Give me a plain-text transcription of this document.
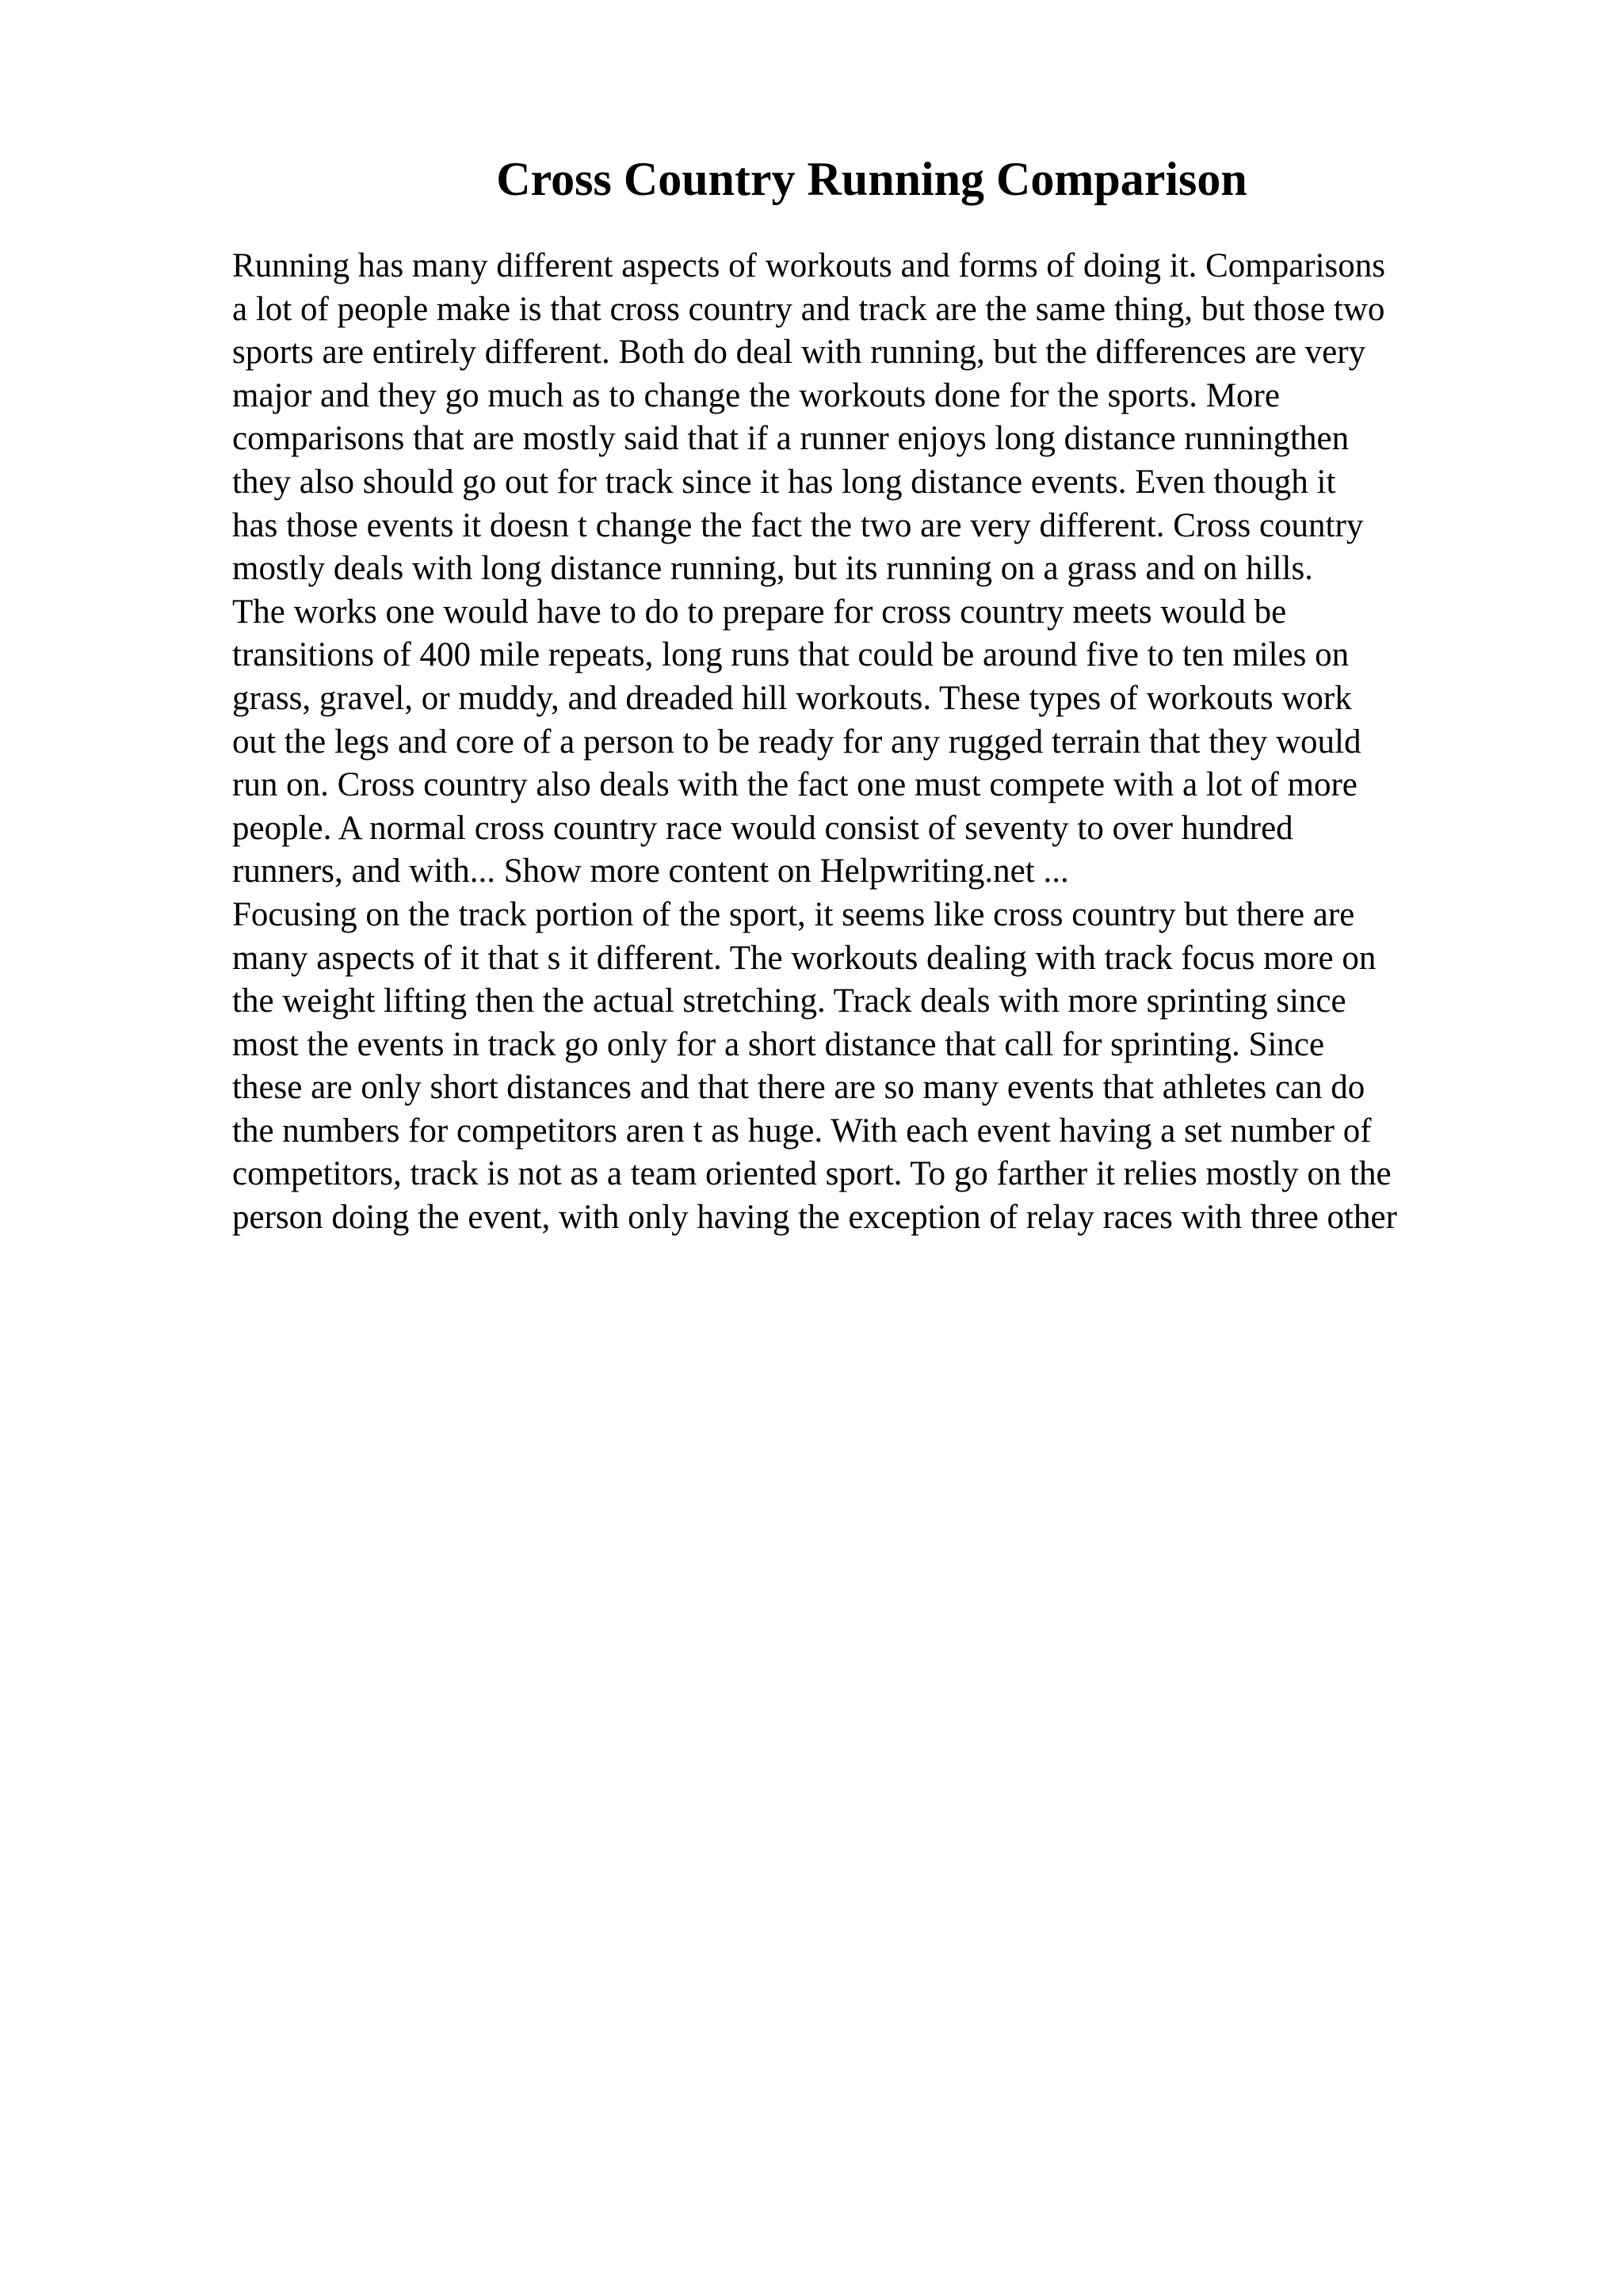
Cross Country Running Comparison
Running has many different aspects of workouts and forms of doing it. Comparisons
a lot of people make is that cross country and track are the same thing, but those two
sports are entirely different. Both do deal with running, but the differences are very
major and they go much as to change the workouts done for the sports. More
comparisons that are mostly said that if a runner enjoys long distance runningthen
they also should go out for track since it has long distance events. Even though it
has those events it doesn t change the fact the two are very different. Cross country
mostly deals with long distance running, but its running on a grass and on hills.
The works one would have to do to prepare for cross country meets would be
transitions of 400 mile repeats, long runs that could be around five to ten miles on
grass, gravel, or muddy, and dreaded hill workouts. These types of workouts work
out the legs and core of a person to be ready for any rugged terrain that they would
run on. Cross country also deals with the fact one must compete with a lot of more
people. A normal cross country race would consist of seventy to over hundred
runners, and with... Show more content on Helpwriting.net ...
Focusing on the track portion of the sport, it seems like cross country but there are
many aspects of it that s it different. The workouts dealing with track focus more on
the weight lifting then the actual stretching. Track deals with more sprinting since
most the events in track go only for a short distance that call for sprinting. Since
these are only short distances and that there are so many events that athletes can do
the numbers for competitors aren t as huge. With each event having a set number of
competitors, track is not as a team oriented sport. To go farther it relies mostly on the
person doing the event, with only having the exception of relay races with three other
